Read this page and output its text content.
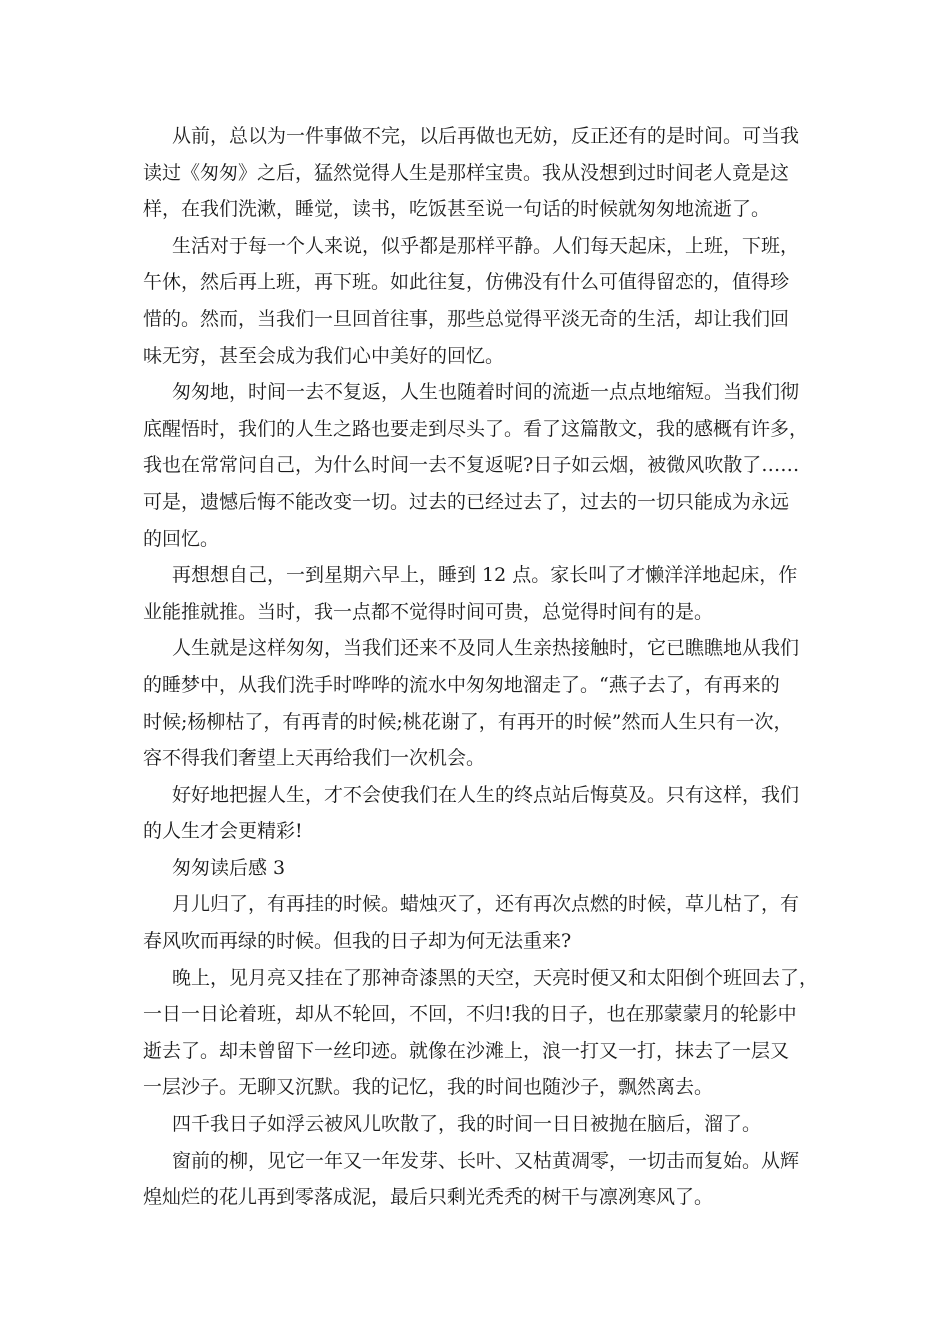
从前，总以为一件事做不完，以后再做也无妨，反正还有的是时间。可当我
读过《匆匆》之后，猛然觉得人生是那样宝贵。我从没想到过时间老人竟是这
样，在我们洗漱，睡觉，读书，吃饭甚至说一句话的时候就匆匆地流逝了。
生活对于每一个人来说，似乎都是那样平静。人们每天起床，上班，下班，
午休，然后再上班，再下班。如此往复，仿佛没有什么可值得留恋的，值得珍
惜的。然而，当我们一旦回首往事，那些总觉得平淡无奇的生活，却让我们回
味无穷，甚至会成为我们心中美好的回忆。
匆匆地，时间一去不复返，人生也随着时间的流逝一点点地缩短。当我们彻
底醒悟时，我们的人生之路也要走到尽头了。看了这篇散文，我的感概有许多，
我也在常常问自己，为什么时间一去不复返呢?日子如云烟，被微风吹散了……
可是，遗憾后悔不能改变一切。过去的已经过去了，过去的一切只能成为永远
的回忆。
再想想自己，一到星期六早上，睡到 12 点。家长叫了才懒洋洋地起床，作
业能推就推。当时，我一点都不觉得时间可贵，总觉得时间有的是。
人生就是这样匆匆，当我们还来不及同人生亲热接触时，它已瞧瞧地从我们
的睡梦中，从我们洗手时哗哗的流水中匆匆地溜走了。“燕子去了，有再来的
时候;杨柳枯了，有再青的时候;桃花谢了，有再开的时候”然而人生只有一次，
容不得我们奢望上天再给我们一次机会。
好好地把握人生，才不会使我们在人生的终点站后悔莫及。只有这样，我们
的人生才会更精彩!
匆匆读后感 3
月儿归了，有再挂的时候。蜡烛灭了，还有再次点燃的时候，草儿枯了，有
春风吹而再绿的时候。但我的日子却为何无法重来?
晚上，见月亮又挂在了那神奇漆黑的天空，天亮时便又和太阳倒个班回去了，
一日一日论着班，却从不轮回，不回，不归!我的日子，也在那蒙蒙月的轮影中
逝去了。却未曾留下一丝印迹。就像在沙滩上，浪一打又一打，抹去了一层又
一层沙子。无聊又沉默。我的记忆，我的时间也随沙子，飘然离去。
四千我日子如浮云被风儿吹散了，我的时间一日日被抛在脑后，溜了。
窗前的柳，见它一年又一年发芽、长叶、又枯黄凋零，一切击而复始。从辉
煌灿烂的花儿再到零落成泥，最后只剩光秃秃的树干与凛冽寒风了。
